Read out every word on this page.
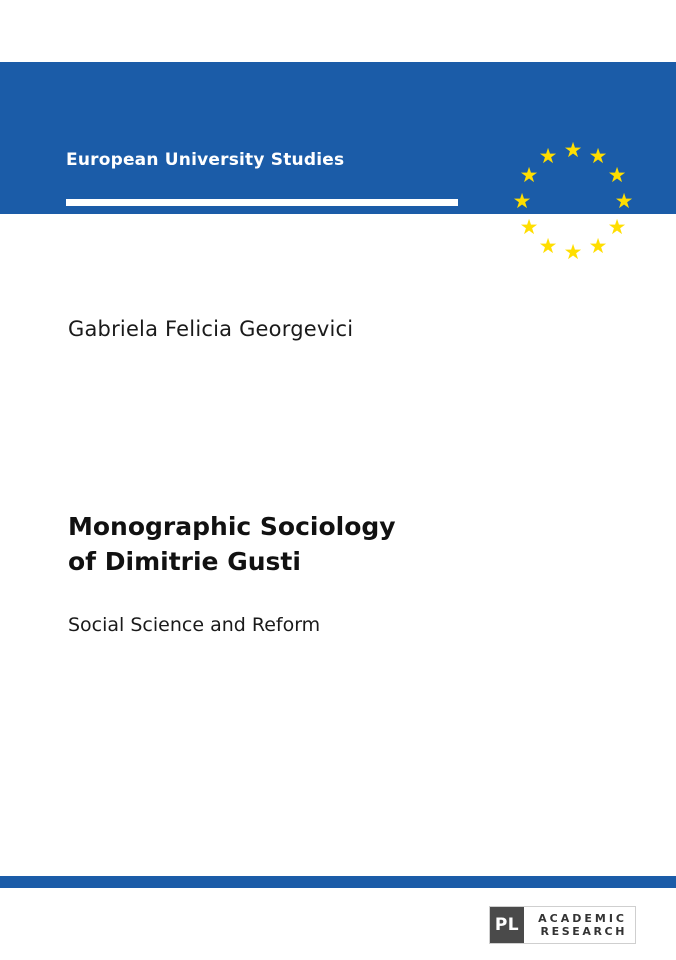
European University Studies
Sociology
★ ★
★
★
★
★
★
★
★
★
★
★
Gabriela Felicia Georgevici
Monographic Sociology
of Dimitrie Gusti
Social Science and Reform
PL	ACADEMIC
RESEARCH
